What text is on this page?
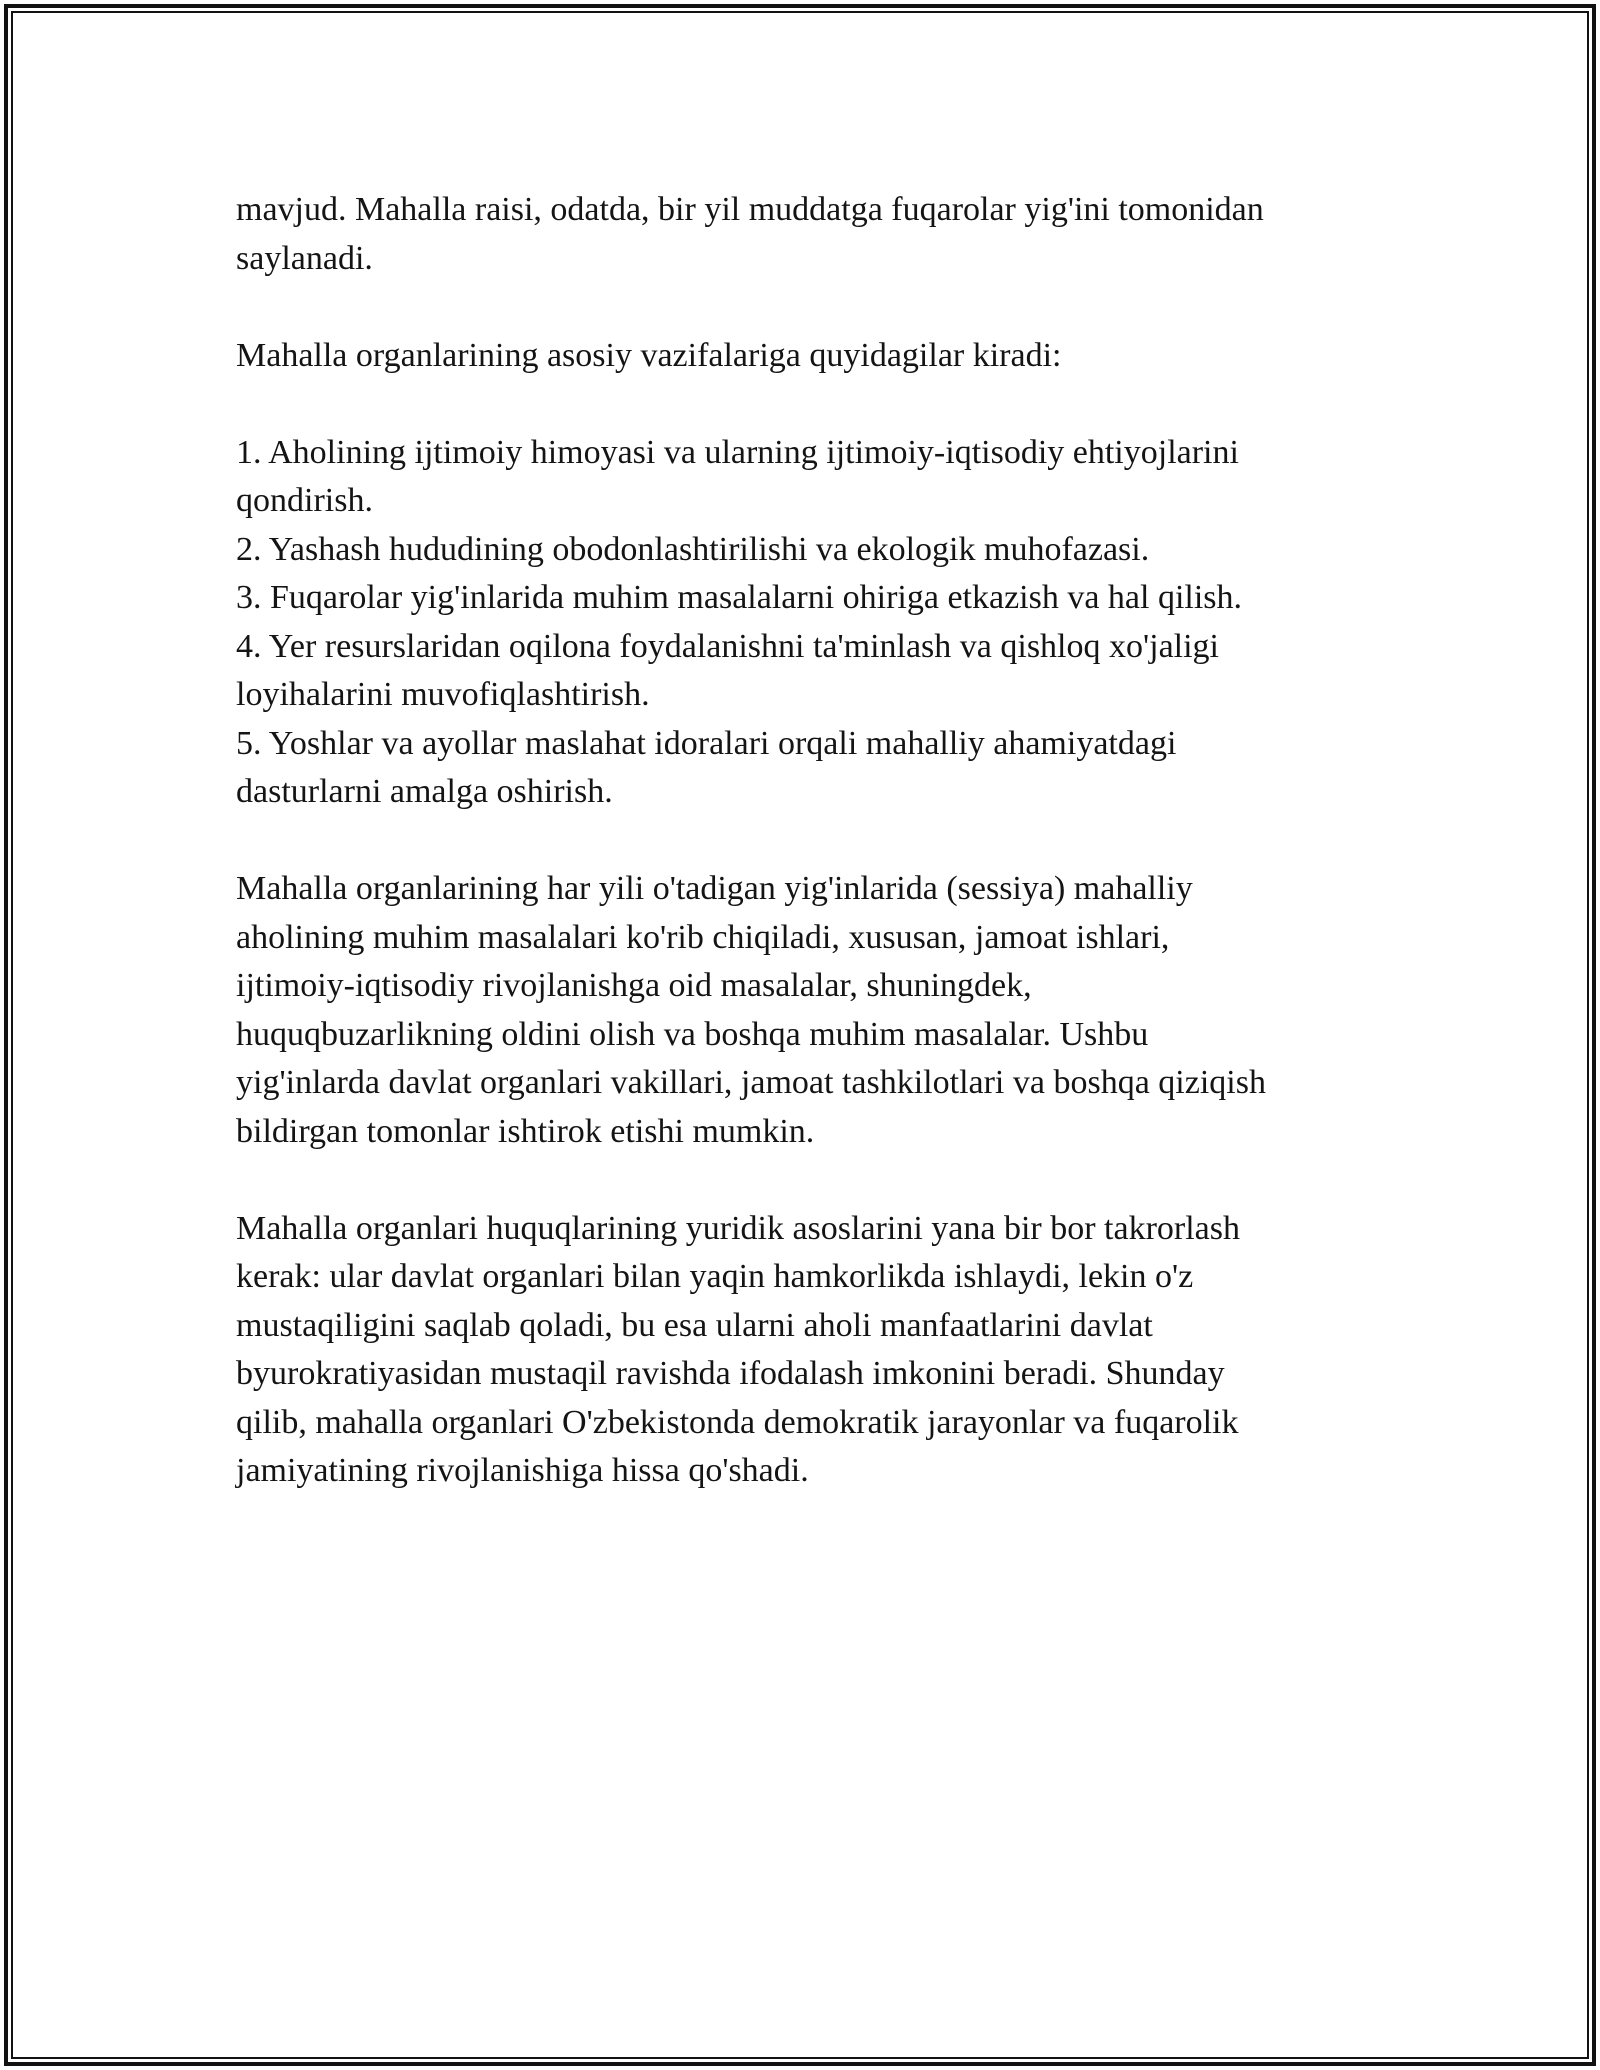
mavjud. Mahalla raisi, odatda, bir yil muddatga fuqarolar yig'ini tomonidan

saylanadi.

Mahalla organlarining asosiy vazifalariga quyidagilar kiradi:

1. Aholining ijtimoiy himoyasi va ularning ijtimoiy-iqtisodiy ehtiyojlarini

qondirish.

2. Yashash hududining obodonlashtirilishi va ekologik muhofazasi.

3. Fuqarolar yig'inlarida muhim masalalarni ohiriga etkazish va hal qilish.

4. Yer resurslaridan oqilona foydalanishni ta'minlash va qishloq xo'jaligi

loyihalarini muvofiqlashtirish.

5. Yoshlar va ayollar maslahat idoralari orqali mahalliy ahamiyatdagi

dasturlarni amalga oshirish.

Mahalla organlarining har yili o'tadigan yig'inlarida (sessiya) mahalliy

aholining muhim masalalari ko'rib chiqiladi, xususan, jamoat ishlari,

ijtimoiy-iqtisodiy rivojlanishga oid masalalar, shuningdek,

huquqbuzarlikning oldini olish va boshqa muhim masalalar. Ushbu

yig'inlarda davlat organlari vakillari, jamoat tashkilotlari va boshqa qiziqish

bildirgan tomonlar ishtirok etishi mumkin.

Mahalla organlari huquqlarining yuridik asoslarini yana bir bor takrorlash

kerak: ular davlat organlari bilan yaqin hamkorlikda ishlaydi, lekin o'z

mustaqiligini saqlab qoladi, bu esa ularni aholi manfaatlarini davlat

byurokratiyasidan mustaqil ravishda ifodalash imkonini beradi. Shunday

qilib, mahalla organlari O'zbekistonda demokratik jarayonlar va fuqarolik

jamiyatining rivojlanishiga hissa qo'shadi.
